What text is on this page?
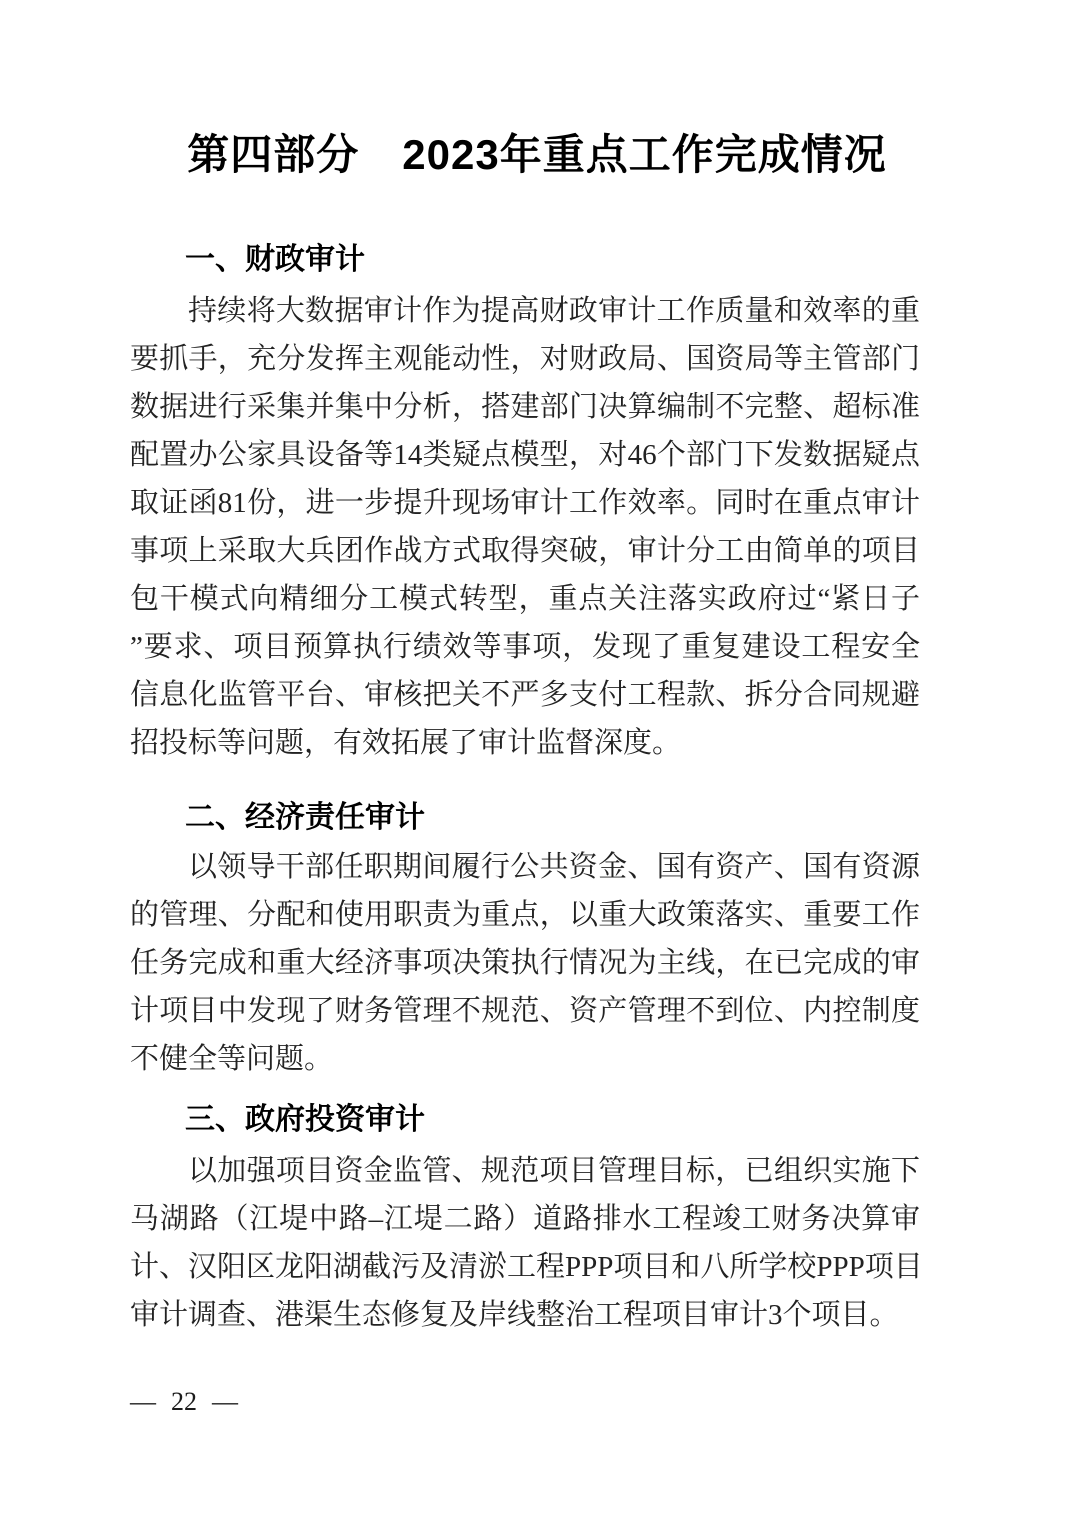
第四部分　2023年重点工作完成情况
一、财政审计
持续将大数据审计作为提高财政审计工作质量和效率的重
要抓手，充分发挥主观能动性，对财政局、国资局等主管部门
数据进行采集并集中分析，搭建部门决算编制不完整、超标准
配置办公家具设备等14类疑点模型，对46个部门下发数据疑点
取证函81份，进一步提升现场审计工作效率。同时在重点审计
事项上采取大兵团作战方式取得突破，审计分工由简单的项目
包干模式向精细分工模式转型，重点关注落实政府过“紧日子
”要求、项目预算执行绩效等事项，发现了重复建设工程安全
信息化监管平台、审核把关不严多支付工程款、拆分合同规避
招投标等问题，有效拓展了审计监督深度。
二、经济责任审计
以领导干部任职期间履行公共资金、国有资产、国有资源
的管理、分配和使用职责为重点，以重大政策落实、重要工作
任务完成和重大经济事项决策执行情况为主线，在已完成的审
计项目中发现了财务管理不规范、资产管理不到位、内控制度
不健全等问题。
三、政府投资审计
以加强项目资金监管、规范项目管理目标，已组织实施下
马湖路（江堤中路–江堤二路）道路排水工程竣工财务决算审
计、汉阳区龙阳湖截污及清淤工程PPP项目和八所学校PPP项目
审计调查、港渠生态修复及岸线整治工程项目审计3个项目。
— 22 —
